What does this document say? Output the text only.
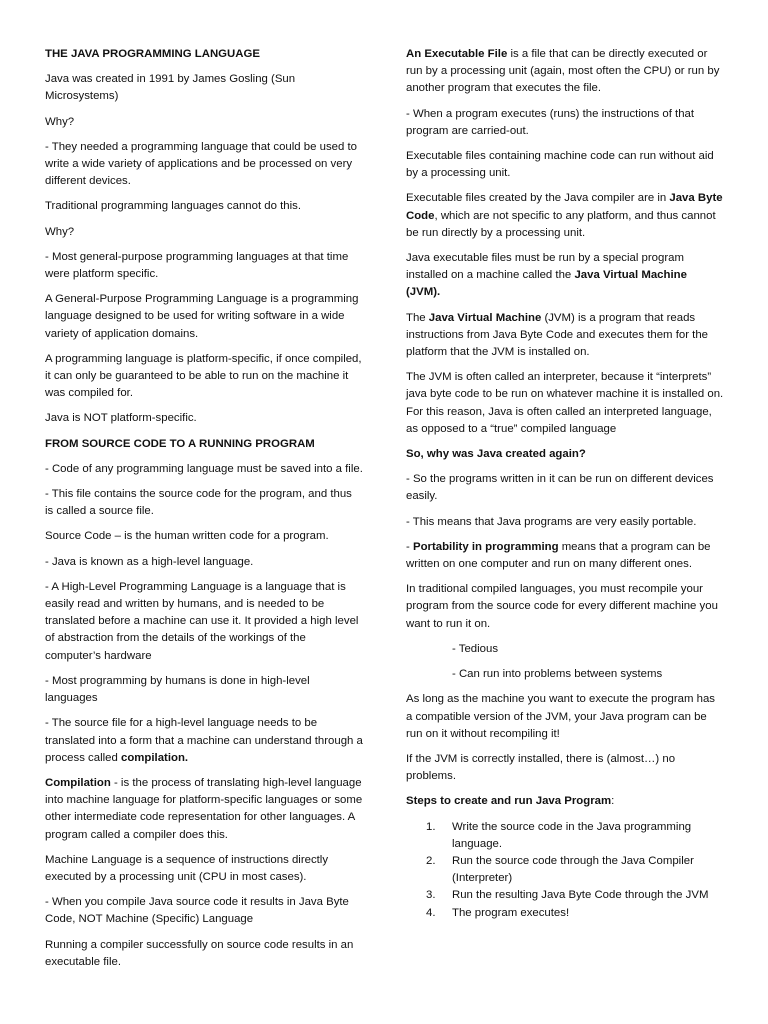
THE JAVA PROGRAMMING LANGUAGE

Java was created in 1991 by James Gosling (Sun Microsystems)

Why?

- They needed a programming language that could be used to write a wide variety of applications and be processed on very different devices.

Traditional programming languages cannot do this.

Why?

- Most general-purpose programming languages at that time were platform specific.

A General-Purpose Programming Language is a programming language designed to be used for writing software in a wide variety of application domains.

A programming language is platform-specific, if once compiled, it can only be guaranteed to be able to run on the machine it was compiled for.

Java is NOT platform-specific.

FROM SOURCE CODE TO A RUNNING PROGRAM

- Code of any programming language must be saved into a file.

- This file contains the source code for the program, and thus is called a source file.

Source Code – is the human written code for a program.

- Java is known as a high-level language.

- A High-Level Programming Language is a language that is easily read and written by humans, and is needed to be translated before a machine can use it. It provided a high level of abstraction from the details of the workings of the computer’s hardware

- Most programming by humans is done in high-level languages

- The source file for a high-level language needs to be translated into a form that a machine can understand through a process called compilation.

Compilation - is the process of translating high-level language into machine language for platform-specific languages or some other intermediate code representation for other languages. A program called a compiler does this.

Machine Language is a sequence of instructions directly executed by a processing unit (CPU in most cases).

- When you compile Java source code it results in Java Byte Code, NOT Machine (Specific) Language

Running a compiler successfully on source code results in an executable file.

An Executable File is a file that can be directly executed or run by a processing unit (again, most often the CPU) or run by another program that executes the file.

- When a program executes (runs) the instructions of that program are carried-out.

Executable files containing machine code can run without aid by a processing unit.

Executable files created by the Java compiler are in Java Byte Code, which are not specific to any platform, and thus cannot be run directly by a processing unit.

Java executable files must be run by a special program installed on a machine called the Java Virtual Machine (JVM).

The Java Virtual Machine (JVM) is a program that reads instructions from Java Byte Code and executes them for the platform that the JVM is installed on.

The JVM is often called an interpreter, because it “interprets” java byte code to be run on whatever machine it is installed on. For this reason, Java is often called an interpreted language, as opposed to a “true” compiled language

So, why was Java created again?

- So the programs written in it can be run on different devices easily.

- This means that Java programs are very easily portable.

- Portability in programming means that a program can be written on one computer and run on many different ones.

In traditional compiled languages, you must recompile your program from the source code for every different machine you want to run it on.

- Tedious

- Can run into problems between systems

As long as the machine you want to execute the program has a compatible version of the JVM, your Java program can be run on it without recompiling it!

If the JVM is correctly installed, there is (almost…) no problems.

Steps to create and run Java Program:

1.	Write the source code in the Java programming language.
2.	Run the source code through the Java Compiler (Interpreter)
3.	Run the resulting Java Byte Code through the JVM
4.	The program executes!
